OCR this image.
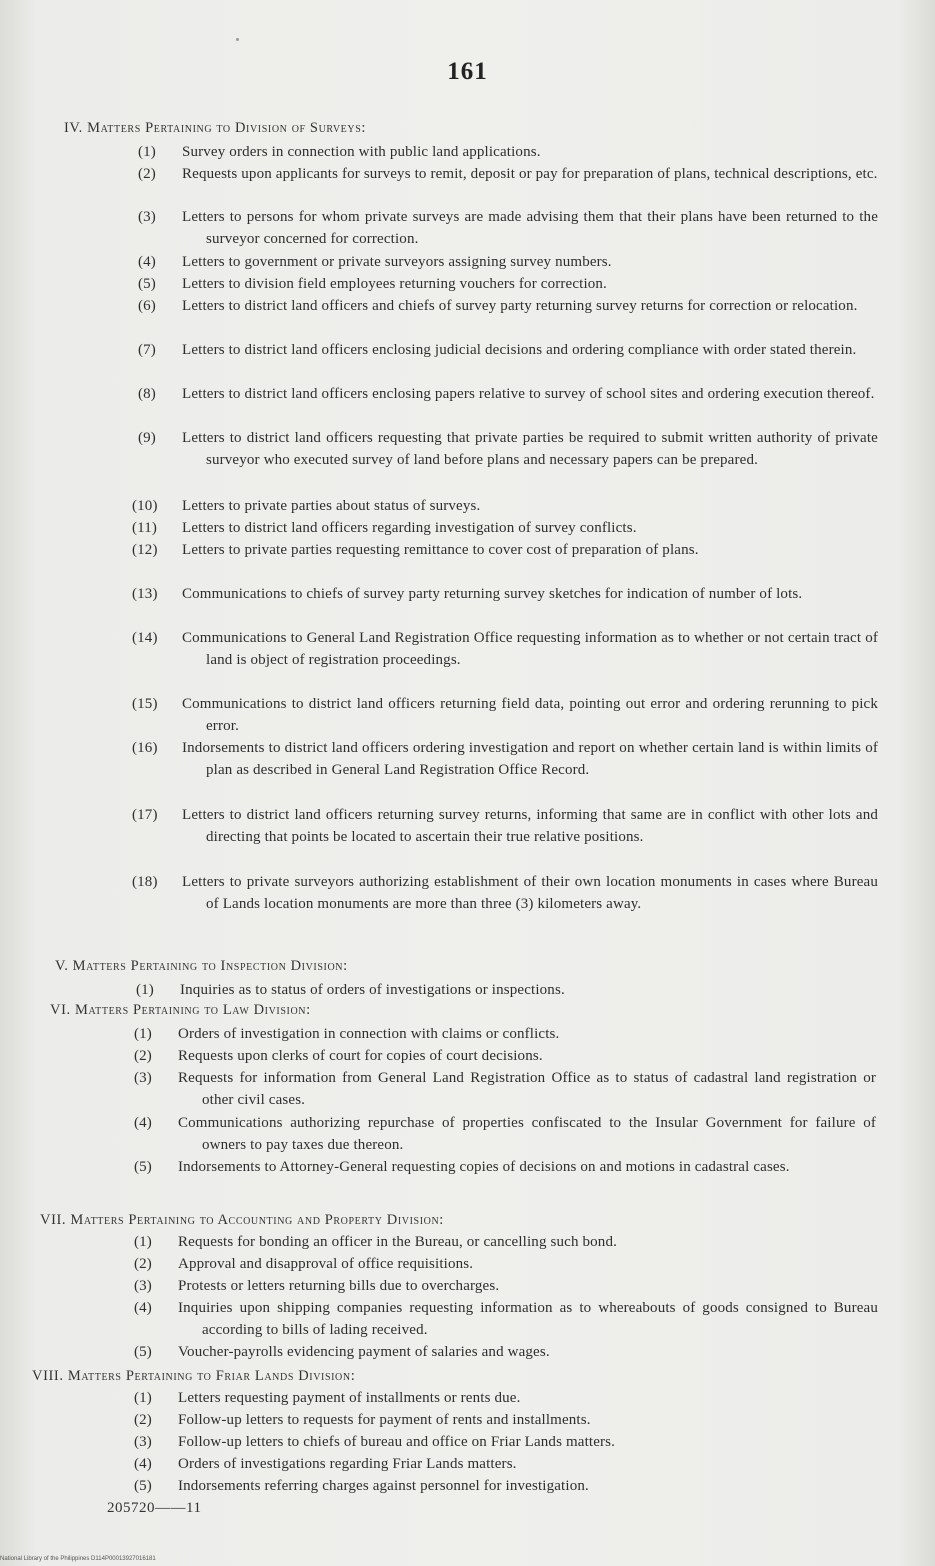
161
IV. Matters Pertaining to Division of Surveys:
(1) Survey orders in connection with public land applications.
(2) Requests upon applicants for surveys to remit, deposit or pay for preparation of plans, technical descriptions, etc.
(3) Letters to persons for whom private surveys are made advising them that their plans have been returned to the surveyor concerned for correction.
(4) Letters to government or private surveyors assigning survey numbers.
(5) Letters to division field employees returning vouchers for correction.
(6) Letters to district land officers and chiefs of survey party returning survey returns for correction or relocation.
(7) Letters to district land officers enclosing judicial decisions and ordering compliance with order stated therein.
(8) Letters to district land officers enclosing papers relative to survey of school sites and ordering execution thereof.
(9) Letters to district land officers requesting that private parties be required to submit written authority of private surveyor who executed survey of land before plans and necessary papers can be prepared.
(10) Letters to private parties about status of surveys.
(11) Letters to district land officers regarding investigation of survey conflicts.
(12) Letters to private parties requesting remittance to cover cost of preparation of plans.
(13) Communications to chiefs of survey party returning survey sketches for indication of number of lots.
(14) Communications to General Land Registration Office requesting information as to whether or not certain tract of land is object of registration proceedings.
(15) Communications to district land officers returning field data, pointing out error and ordering rerunning to pick error.
(16) Indorsements to district land officers ordering investigation and report on whether certain land is within limits of plan as described in General Land Registration Office Record.
(17) Letters to district land officers returning survey returns, informing that same are in conflict with other lots and directing that points be located to ascertain their true relative positions.
(18) Letters to private surveyors authorizing establishment of their own location monuments in cases where Bureau of Lands location monuments are more than three (3) kilometers away.
V. Matters Pertaining to Inspection Division:
(1) Inquiries as to status of orders of investigations or inspections.
VI. Matters Pertaining to Law Division:
(1) Orders of investigation in connection with claims or conflicts.
(2) Requests upon clerks of court for copies of court decisions.
(3) Requests for information from General Land Registration Office as to status of cadastral land registration or other civil cases.
(4) Communications authorizing repurchase of properties confiscated to the Insular Government for failure of owners to pay taxes due thereon.
(5) Indorsements to Attorney-General requesting copies of decisions on and motions in cadastral cases.
VII. Matters Pertaining to Accounting and Property Division:
(1) Requests for bonding an officer in the Bureau, or cancelling such bond.
(2) Approval and disapproval of office requisitions.
(3) Protests or letters returning bills due to overcharges.
(4) Inquiries upon shipping companies requesting information as to whereabouts of goods consigned to Bureau according to bills of lading received.
(5) Voucher-payrolls evidencing payment of salaries and wages.
VIII. Matters Pertaining to Friar Lands Division:
(1) Letters requesting payment of installments or rents due.
(2) Follow-up letters to requests for payment of rents and installments.
(3) Follow-up letters to chiefs of bureau and office on Friar Lands matters.
(4) Orders of investigations regarding Friar Lands matters.
(5) Indorsements referring charges against personnel for investigation.
205720——11
National Library of the Philippines D114P00013927016181
